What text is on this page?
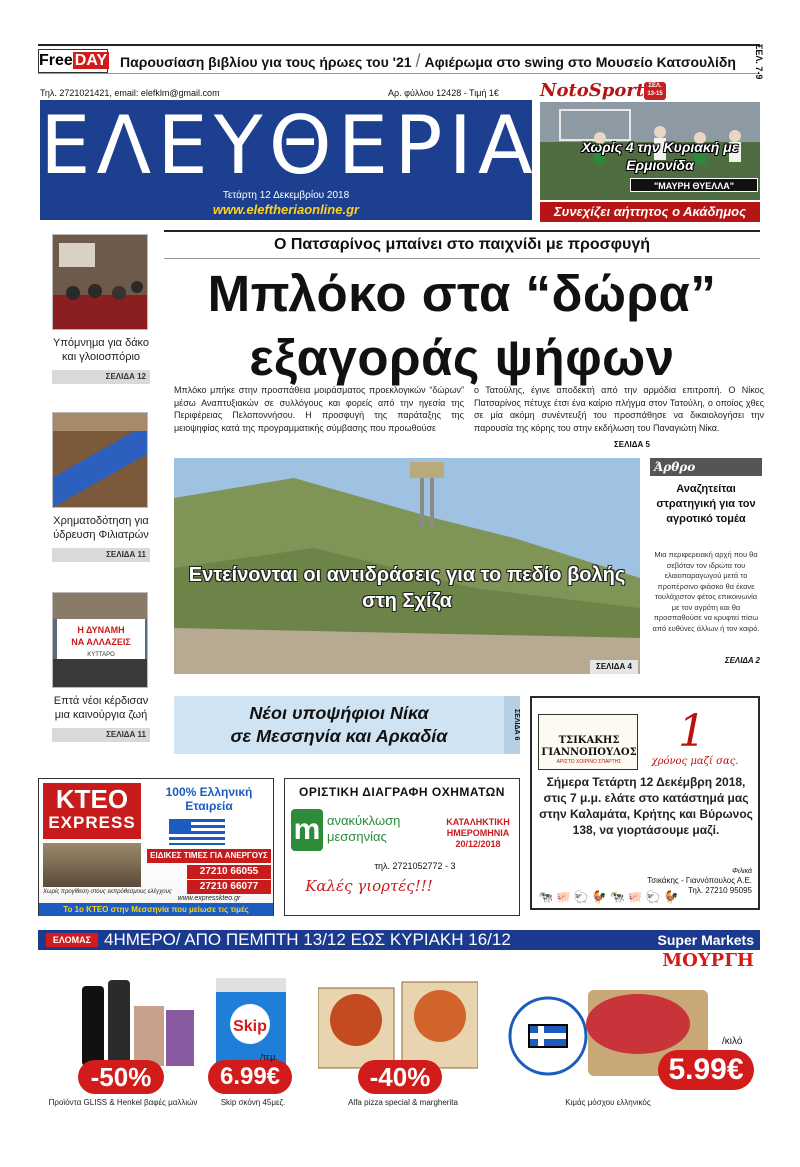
Free DAY Παρουσίαση βιβλίου για τους ήρωες του '21 / Αφιέρωμα στο swing στο Μουσείο Κατσουλίδη	ΣΕΛ. 7-9
Τηλ. 2721021421, email: elefklm@gmail.com	Αρ. φύλλου 12428 - Τιμή 1€
ΕΛΕΥΘΕΡΙΑ
Τετάρτη 12 Δεκεμβρίου 2018
www.eleftheriaonline.gr
NotoSport ΣΕΛ. 13-15
"ΜΑΥΡΗ ΘΥΕΛΛΑ"
Χωρίς 4 την Κυριακή με Ερμιονίδα
Συνεχίζει αήττητος ο Ακάδημος
Υπόμνημα για δάκο και γλοιοσπόριο
ΣΕΛΙΔΑ 12
Χρηματοδότηση για ύδρευση Φιλιατρών
ΣΕΛΙΔΑ 11
Η ΔΥΝΑΜΗ
ΝΑ ΑΛΛΑΖΕΙΣ
ΚΥΤΤΑΡΟ
Επτά νέοι κέρδισαν μια καινούργια ζωή
ΣΕΛΙΔΑ 11
Ο Πατσαρίνος μπαίνει στο παιχνίδι με προσφυγή
Μπλόκο στα “δώρα” εξαγοράς ψήφων
Μπλόκο μπήκε στην προσπάθεια μοιράσματος προεκλογικών “δώρων” μέσω Αναπτυξιακών σε συλλόγους και φορείς από την ηγεσία της Περιφέρειας Πελοποννήσου. Η προσφυγή της παράταξης της μειοψηφίας κατά της προγραμματικής σύμβασης που προωθούσε
ο Τατούλης, έγινε αποδεκτή από την αρμόδια επιτροπή. Ο Νίκος Πατσαρίνος πέτυχε έτσι ένα καίριο πλήγμα στον Τατούλη, ο οποίος χθες σε μία ακόμη συνέντευξή του προσπάθησε να δικαιολογήσει την παρουσία της κόρης του στην εκδήλωση του Παναγιώτη Νίκα.
ΣΕΛΙΔΑ 5
Εντείνονται οι αντιδράσεις για το πεδίο βολής στη Σχίζα
ΣΕΛΙΔΑ 4
Άρθρο
Αναζητείται στρατηγική για τον αγροτικό τομέα
Μια περιφερειακή αρχή που θα σεβόταν τον ιδρώτα του ελαιοπαραγωγού μετά το προπέρσινο φιάσκο θα έκανε τουλάχιστον φέτος επικοινωνία με τον αγρότη και θα προσπαθούσε να κρυφτεί πίσω από ευθύνες άλλων ή τον καιρό.
ΣΕΛΙΔΑ 2
Νέοι υποψήφιοι Νίκα
σε Μεσσηνία και Αρκαδία	ΣΕΛΙΔΑ 6	ΤΣΙΚΑΚΗΣ ΓΙΑΝΝΟΠΟΥΛΟΣ
ΑΡΙΣΤΟ ΧΟΙΡΙΝΟ ΣΠΑΡΤΗΣ
1
χρόνος μαζί σας.
Σήμερα Τετάρτη 12 Δεκέμβρη 2018, στις 7 μ.μ. ελάτε στο κατάστημά μας στην Καλαμάτα, Κρήτης και Βύρωνος 138, να γιορτάσουμε μαζί.
Φιλικά
Τσικάκης - Γιαννόπουλος Α.Ε.
Τηλ. 27210 95095
🐄🐖🐑🐓🐄🐖🐑🐓
ΚΤΕΟ
EXPRESS
100% Ελληνική Εταιρεία
ΕΙΔΙΚΕΣ ΤΙΜΕΣ ΓΙΑ ΑΝΕΡΓΟΥΣ
Χωρίς προγίθεση στους εκπρόθεσμους ελέγχους
27210 66055
27210 66077
www.expresskteo.gr
Το 1ο ΚΤΕΟ στην Μεσσηνία που μείωσε τις τιμές
ΟΡΙΣΤΙΚΗ ΔΙΑΓΡΑΦΗ ΟΧΗΜΑΤΩΝ
m ανακύκλωση
μεσσηνίας
ΚΑΤΑΛΗΚΤΙΚΗ ΗΜΕΡΟΜΗΝΙΑ 20/12/2018
τηλ. 2721052772 - 3
Καλές γιορτές!!!
ΕΛΟΜΑΣ 4ΗΜΕΡΟ/ ΑΠΟ ΠΕΜΠΤΗ 13/12 ΕΩΣ ΚΥΡΙΑΚΗ 16/12	Super Markets
ΜΟΥΡΓΗ
-50%
Προϊόντα GLISS & Henkel βαφές μαλλιών
Skip
6.99€
/τεμ.
Skip σκόνη 45μεζ.
-40%
Alfa pizza special & margherita
5.99€
/κιλό
Κιμάς μόσχου ελληνικός
